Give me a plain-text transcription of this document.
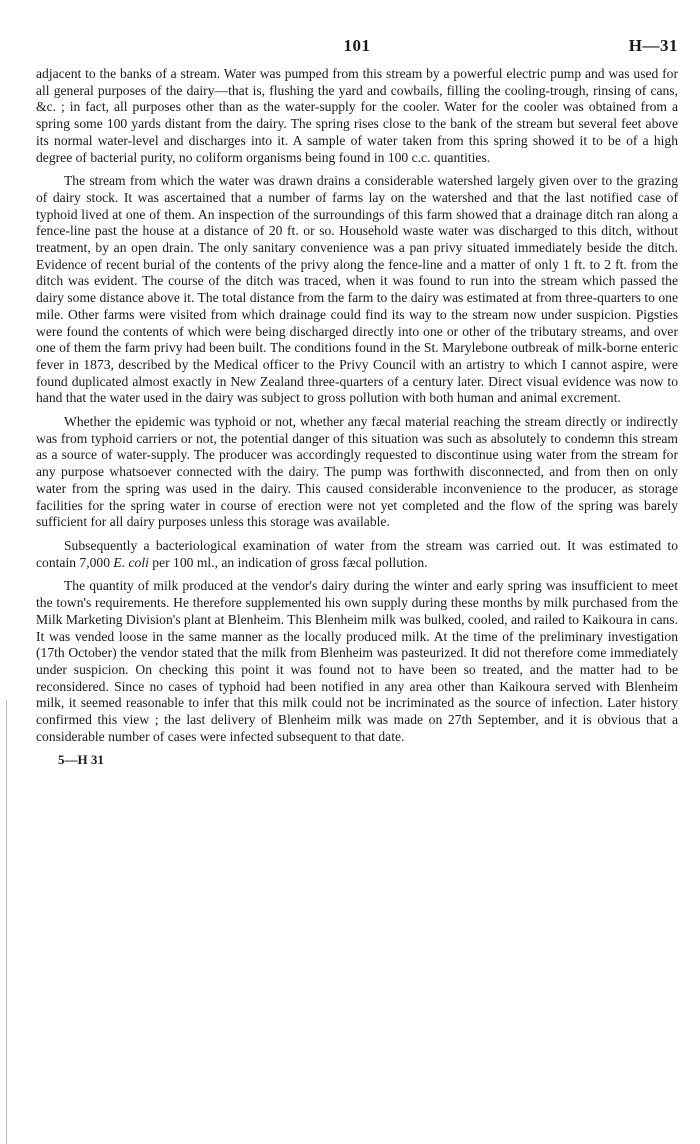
101	H—31

adjacent to the banks of a stream. Water was pumped from this stream by a powerful electric pump and was used for all general purposes of the dairy—that is, flushing the yard and cowbails, filling the cooling-trough, rinsing of cans, &c. ; in fact, all purposes other than as the water-supply for the cooler. Water for the cooler was obtained from a spring some 100 yards distant from the dairy. The spring rises close to the bank of the stream but several feet above its normal water-level and discharges into it. A sample of water taken from this spring showed it to be of a high degree of bacterial purity, no coliform organisms being found in 100 c.c. quantities.

The stream from which the water was drawn drains a considerable watershed largely given over to the grazing of dairy stock. It was ascertained that a number of farms lay on the watershed and that the last notified case of typhoid lived at one of them. An inspection of the surroundings of this farm showed that a drainage ditch ran along a fence-line past the house at a distance of 20 ft. or so. Household waste water was discharged to this ditch, without treatment, by an open drain. The only sanitary convenience was a pan privy situated immediately beside the ditch. Evidence of recent burial of the contents of the privy along the fence-line and a matter of only 1 ft. to 2 ft. from the ditch was evident. The course of the ditch was traced, when it was found to run into the stream which passed the dairy some distance above it. The total distance from the farm to the dairy was estimated at from three-quarters to one mile. Other farms were visited from which drainage could find its way to the stream now under suspicion. Pigsties were found the contents of which were being discharged directly into one or other of the tributary streams, and over one of them the farm privy had been built. The conditions found in the St. Marylebone outbreak of milk-borne enteric fever in 1873, described by the Medical officer to the Privy Council with an artistry to which I cannot aspire, were found duplicated almost exactly in New Zealand three-quarters of a century later. Direct visual evidence was now to hand that the water used in the dairy was subject to gross pollution with both human and animal excrement.

Whether the epidemic was typhoid or not, whether any fæcal material reaching the stream directly or indirectly was from typhoid carriers or not, the potential danger of this situation was such as absolutely to condemn this stream as a source of water-supply. The producer was accordingly requested to discontinue using water from the stream for any purpose whatsoever connected with the dairy. The pump was forthwith disconnected, and from then on only water from the spring was used in the dairy. This caused considerable inconvenience to the producer, as storage facilities for the spring water in course of erection were not yet completed and the flow of the spring was barely sufficient for all dairy purposes unless this storage was available.

Subsequently a bacteriological examination of water from the stream was carried out. It was estimated to contain 7,000 E. coli per 100 ml., an indication of gross fæcal pollution.

The quantity of milk produced at the vendor's dairy during the winter and early spring was insufficient to meet the town's requirements. He therefore supplemented his own supply during these months by milk purchased from the Milk Marketing Division's plant at Blenheim. This Blenheim milk was bulked, cooled, and railed to Kaikoura in cans. It was vended loose in the same manner as the locally produced milk. At the time of the preliminary investigation (17th October) the vendor stated that the milk from Blenheim was pasteurized. It did not therefore come immediately under suspicion. On checking this point it was found not to have been so treated, and the matter had to be reconsidered. Since no cases of typhoid had been notified in any area other than Kaikoura served with Blenheim milk, it seemed reasonable to infer that this milk could not be incriminated as the source of infection. Later history confirmed this view ; the last delivery of Blenheim milk was made on 27th September, and it is obvious that a considerable number of cases were infected subsequent to that date.

5—H 31
